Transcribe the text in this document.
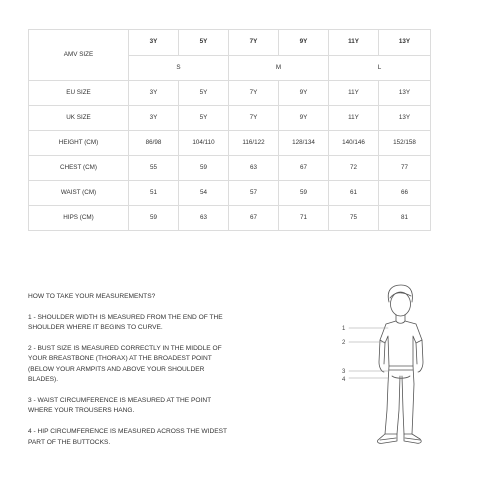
AMV SIZE	3Y	5Y	7Y	9Y	11Y	13Y
	S		M		L	
EU SIZE	3Y	5Y	7Y	9Y	11Y	13Y
UK SIZE	3Y	5Y	7Y	9Y	11Y	13Y
HEIGHT (CM)	86/98	104/110	116/122	128/134	140/146	152/158
CHEST (CM)	55	59	63	67	72	77
WAIST (CM)	51	54	57	59	61	66
HIPS (CM)	59	63	67	71	75	81

HOW TO TAKE YOUR MEASUREMENTS?

1 - SHOULDER WIDTH IS MEASURED FROM THE END OF THE SHOULDER WHERE IT BEGINS TO CURVE.

2 - BUST SIZE IS MEASURED CORRECTLY IN THE MIDDLE OF YOUR BREASTBONE (THORAX) AT THE BROADEST POINT (BELOW YOUR ARMPITS AND ABOVE YOUR SHOULDER BLADES).

3 - WAIST CIRCUMFERENCE IS MEASURED AT THE POINT WHERE YOUR TROUSERS HANG.

4 - HIP CIRCUMFERENCE IS MEASURED ACROSS THE WIDEST PART OF THE BUTTOCKS.

1
2
3
4
